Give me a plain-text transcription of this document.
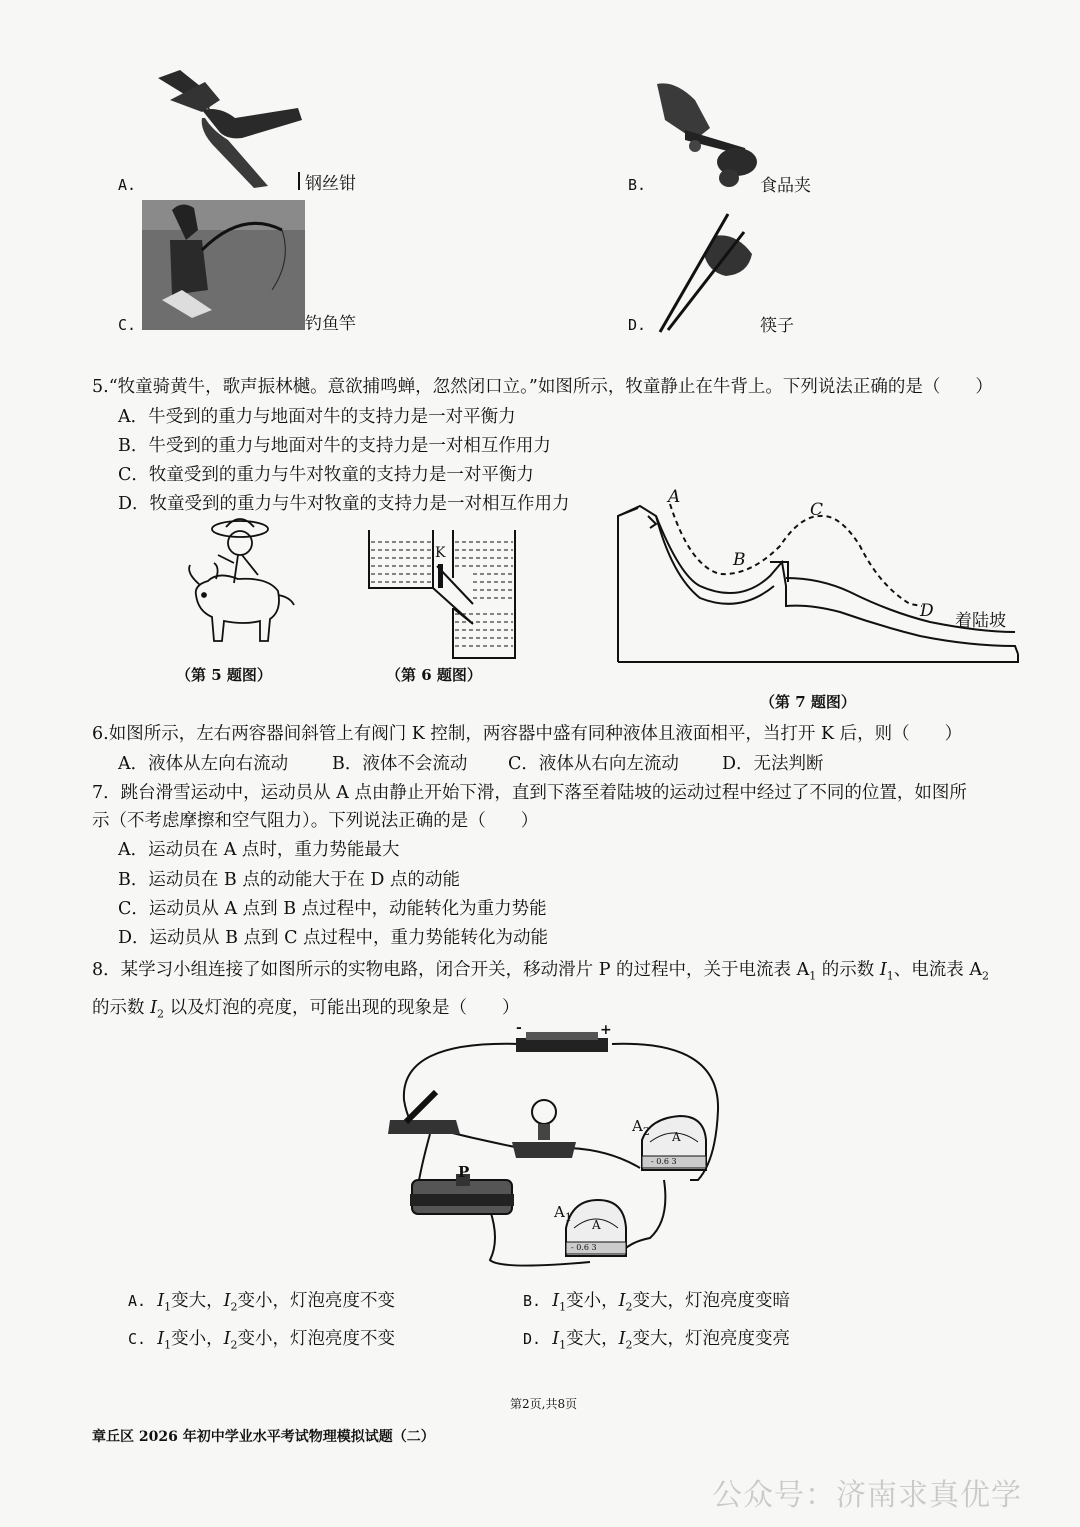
A.	钢丝钳	B.	食品夹
C.	钓鱼竿	D.	筷子
5.“牧童骑黄牛，歌声振林樾。意欲捕鸣蝉，忽然闭口立。”如图所示，牧童静止在牛背上。下列说法正确的是（　　）
A．牛受到的重力与地面对牛的支持力是一对平衡力
B．牛受到的重力与地面对牛的支持力是一对相互作用力
C．牧童受到的重力与牛对牧童的支持力是一对平衡力
D．牧童受到的重力与牛对牧童的支持力是一对相互作用力
（第 5 题图）
K
（第 6 题图）
A
B
C
D 着陆坡
（第 7 题图）
6.如图所示，左右两容器间斜管上有阀门 K 控制，两容器中盛有同种液体且液面相平，当打开 K 后，则（　　）
A．液体从左向右流动	B．液体不会流动 C．液体从右向左流动 D．无法判断
7．跳台滑雪运动中，运动员从 A 点由静止开始下滑，直到下落至着陆坡的运动过程中经过了不同的位置，如图所
示（不考虑摩擦和空气阻力）。下列说法正确的是（　　）
A．运动员在 A 点时，重力势能最大
B．运动员在 B 点的动能大于在 D 点的动能
C．运动员从 A 点到 B 点过程中，动能转化为重力势能
D．运动员从 B 点到 C 点过程中，重力势能转化为动能
8．某学习小组连接了如图所示的实物电路，闭合开关，移动滑片 P 的过程中，关于电流表 $A_1$ 的示数 $I_1$、电流表 $A_2$
的示数 $I_2$ 以及灯泡的亮度，可能出现的现象是（　　）
-	+
P
$A_2$ A
- 0.6 3
$A_1$
A
- 0.6 3
A. $I_1$变大，$I_2$变小，灯泡亮度不变	B. $I_1$变小，$I_2$变大，灯泡亮度变暗
C. $I_1$变小，$I_2$变小，灯泡亮度不变	D. $I_1$变大，$I_2$变大，灯泡亮度变亮
第2页,共8页
章丘区 2026 年初中学业水平考试物理模拟试题（二）
公众号：济南求真优学
